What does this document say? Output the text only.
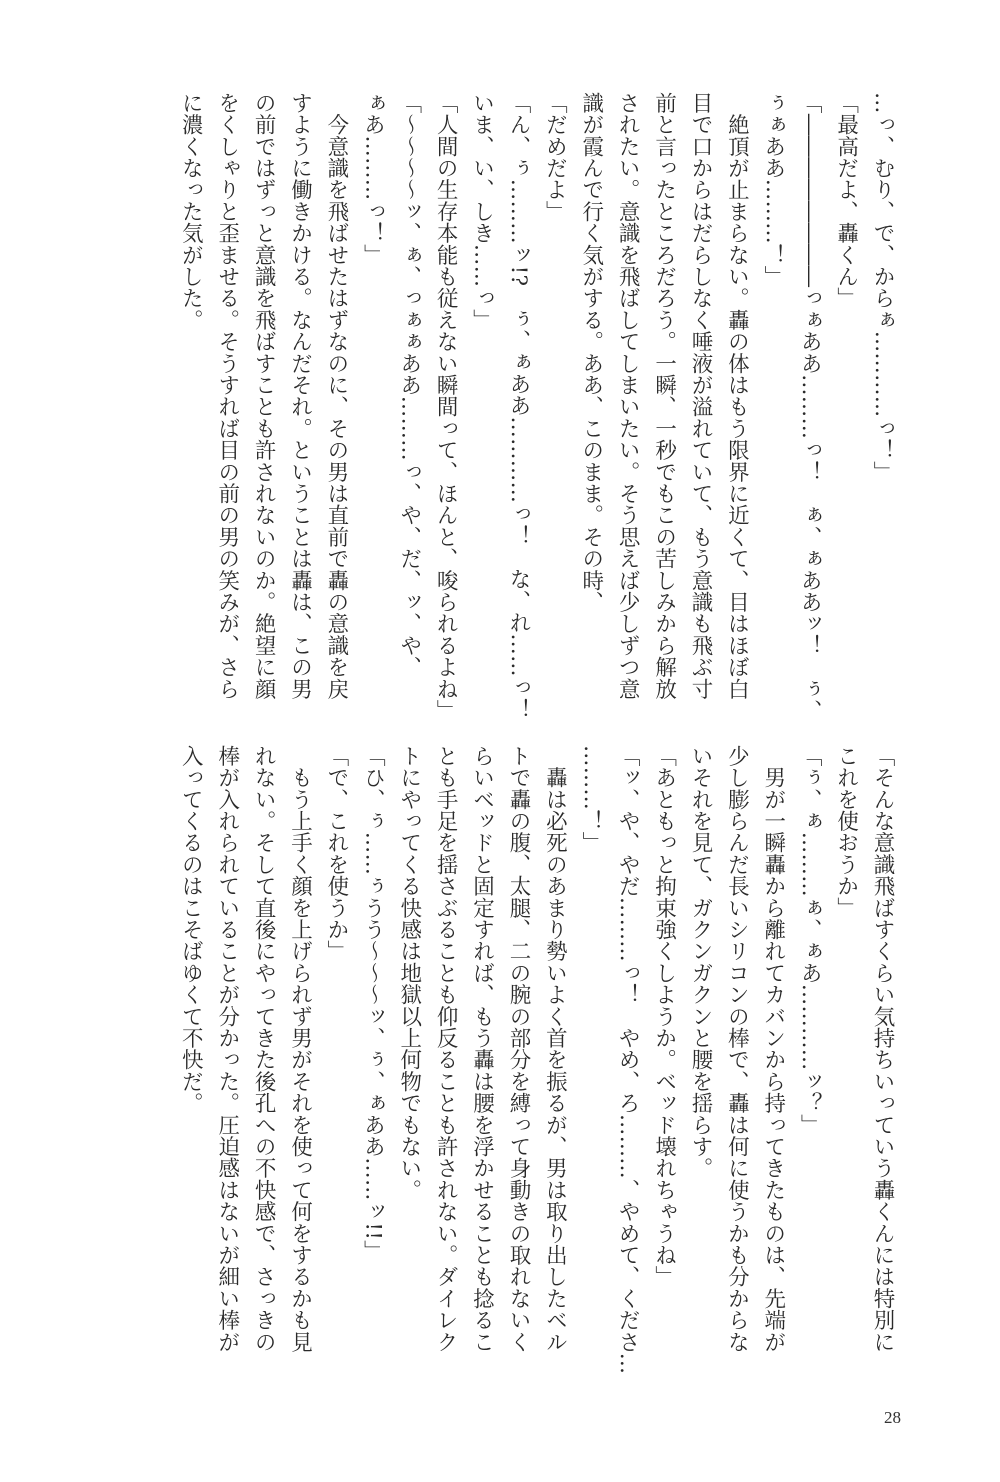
…っ、むり、で、からぁ…………っ！」
「最高だよ、轟くん」
「――――――――っぁああ………っ！　ぁ、ぁああッ！　ぅ、
ぅぁああ………！」
　絶頂が止まらない。轟の体はもう限界に近くて、目はほぼ白
目で口からはだらしなく唾液が溢れていて、もう意識も飛ぶ寸
前と言ったところだろう。一瞬、一秒でもこの苦しみから解放
されたい。意識を飛ばしてしまいたい。そう思えば少しずつ意
識が霞んで行く気がする。ああ、このまま。その時、
「だめだよ」
「ん、ぅ………ッ!?　ぅ、ぁああ…………っ！　な、れ……っ！
いま、い、しき……っ」
「人間の生存本能も従えない瞬間って、ほんと、唆られるよね」
「〜〜〜〜ッ、ぁ、っぁぁああ………っ、や、だ、ッ、や、
ぁあ………っ！」
　今意識を飛ばせたはずなのに、その男は直前で轟の意識を戻
すように働きかける。なんだそれ。ということは轟は、この男
の前ではずっと意識を飛ばすことも許されないのか。絶望に顔
をくしゃりと歪ませる。そうすれば目の前の男の笑みが、さら
に濃くなった気がした。
「そんな意識飛ばすくらい気持ちいっていう轟くんには特別に
これを使おうか」
「ぅ、ぁ………ぁ、ぁあ…………ッ？」
　男が一瞬轟から離れてカバンから持ってきたものは、先端が
少し膨らんだ長いシリコンの棒で、轟は何に使うかも分からな
いそれを見て、ガクンガクンと腰を揺らす。
「あともっと拘束強くしようか。ベッド壊れちゃうね」
「ッ、や、やだ………っ！　やめ、ろ………、やめて、くださ…
………！」
　轟は必死のあまり勢いよく首を振るが、男は取り出したベル
トで轟の腹、太腿、二の腕の部分を縛って身動きの取れないく
らいベッドと固定すれば、もう轟は腰を浮かせることも捻るこ
とも手足を揺さぶることも仰反ることも許されない。ダイレク
トにやってくる快感は地獄以上何物でもない。
「ひ、ぅ……ぅうう〜〜〜ッ、ぅ、ぁああ……ッ!!」
「で、これを使うか」
　もう上手く顔を上げられず男がそれを使って何をするかも見
れない。そして直後にやってきた後孔への不快感で、さっきの
棒が入れられていることが分かった。圧迫感はないが細い棒が
入ってくるのはこそばゆくて不快だ。
28
